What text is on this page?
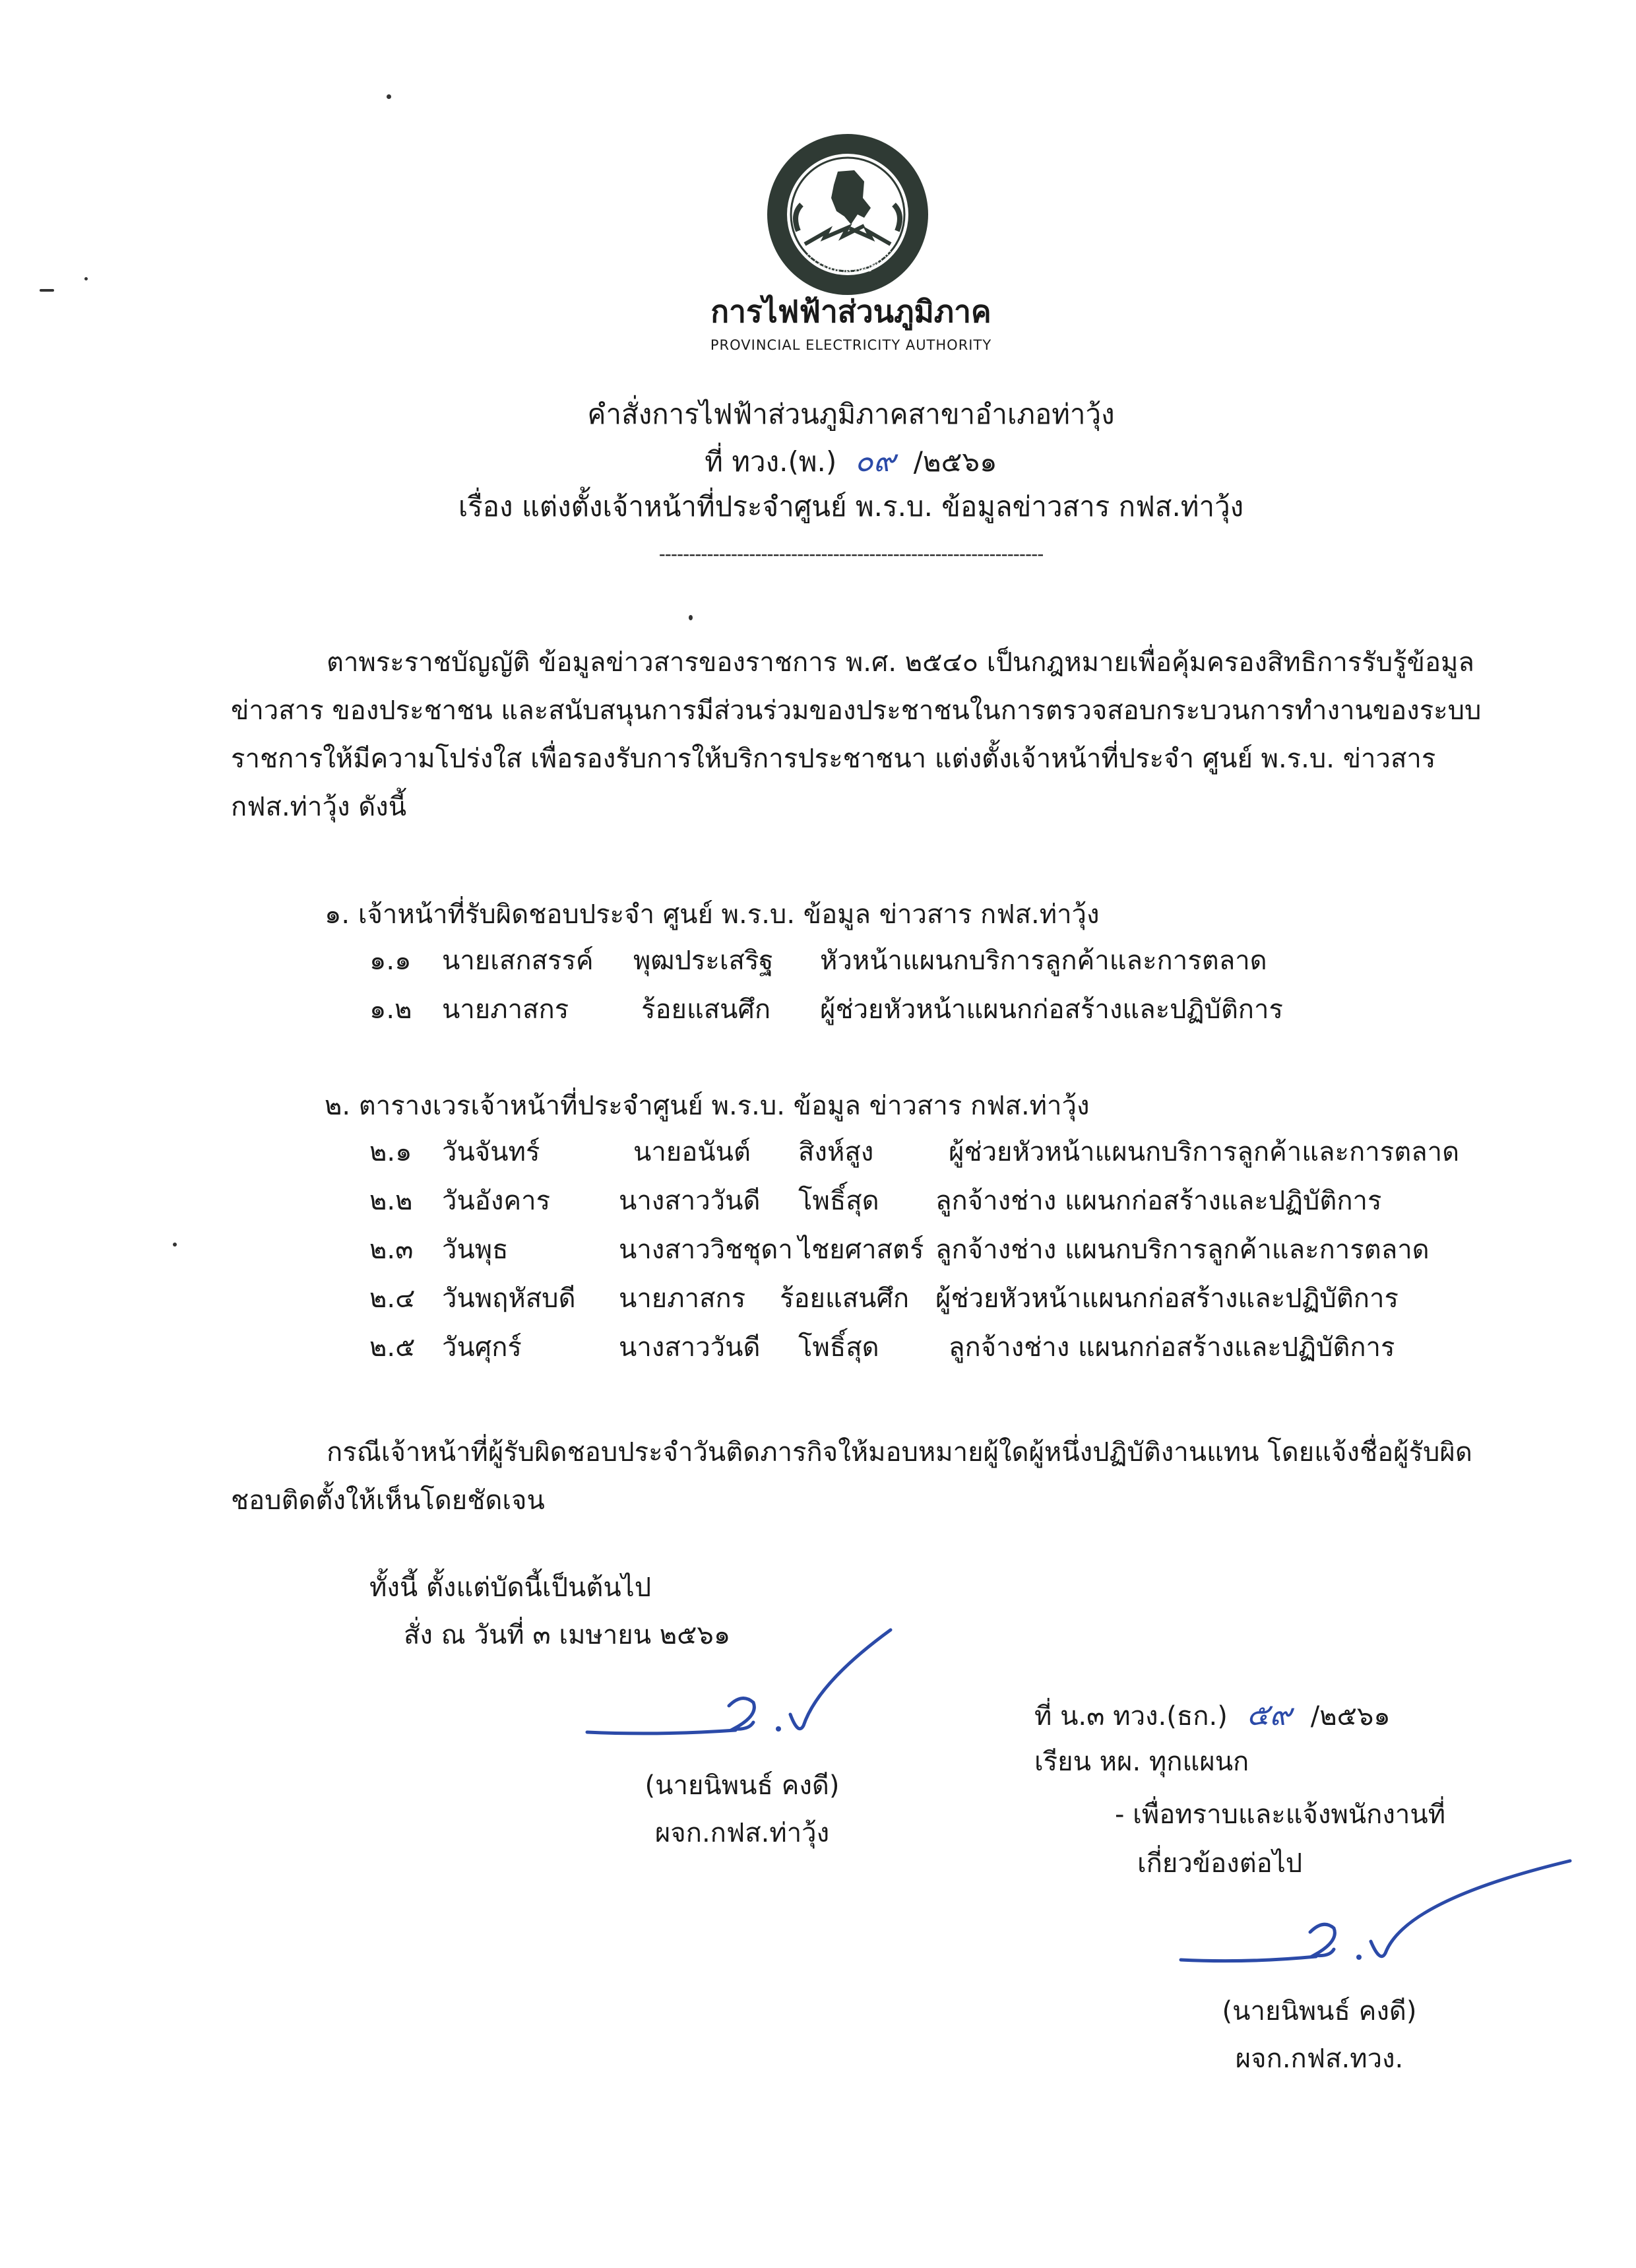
การไฟฟ้าส่วนภูมิภาค
การไฟฟ้าส่วนภูมิภาค
PROVINCIAL ELECTRICITY AUTHORITY
คำสั่งการไฟฟ้าส่วนภูมิภาคสาขาอำเภอท่าวุ้ง
ที่ ทวง.(พ.) ๐๙ /๒๕๖๑
เรื่อง แต่งตั้งเจ้าหน้าที่ประจำศูนย์ พ.ร.บ. ข้อมูลข่าวสาร กฟส.ท่าวุ้ง
----------------------------------------------------------------
ตาพระราชบัญญัติ ข้อมูลข่าวสารของราชการ พ.ศ. ๒๕๔๐ เป็นกฎหมายเพื่อคุ้มครองสิทธิการรับรู้ข้อมูลข่าวสาร ของประชาชน และสนับสนุนการมีส่วนร่วมของประชาชนในการตรวจสอบกระบวนการทำงานของระบบราชการให้มีความโปร่งใส เพื่อรองรับการให้บริการประชาชนา แต่งตั้งเจ้าหน้าที่ประจำ ศูนย์ พ.ร.บ. ข่าวสาร กฟส.ท่าวุ้ง ดังนี้
๑. เจ้าหน้าที่รับผิดชอบประจำ ศูนย์ พ.ร.บ. ข้อมูล ข่าวสาร กฟส.ท่าวุ้ง
๑.๑ นายเสกสรรค์ พุฒประเสริฐ หัวหน้าแผนกบริการลูกค้าและการตลาด
๑.๒ นายภาสกร	ร้อยแสนศึก ผู้ช่วยหัวหน้าแผนกก่อสร้างและปฏิบัติการ
๒. ตารางเวรเจ้าหน้าที่ประจำศูนย์ พ.ร.บ. ข้อมูล ข่าวสาร กฟส.ท่าวุ้ง
๒.๑ วันจันทร์	นายอนันต์ สิงห์สูง	ผู้ช่วยหัวหน้าแผนกบริการลูกค้าและการตลาด
๒.๒ วันอังคาร	นางสาววันดี โพธิ์สุด ลูกจ้างช่าง แผนกก่อสร้างและปฏิบัติการ
๒.๓ วันพุธ	นางสาววิชชุดา ไชยศาสตร์ ลูกจ้างช่าง แผนกบริการลูกค้าและการตลาด
๒.๔ วันพฤหัสบดี นายภาสกร ร้อยแสนศึก ผู้ช่วยหัวหน้าแผนกก่อสร้างและปฏิบัติการ
๒.๕ วันศุกร์	นางสาววันดี โพธิ์สุด	ลูกจ้างช่าง แผนกก่อสร้างและปฏิบัติการ
กรณีเจ้าหน้าที่ผู้รับผิดชอบประจำวันติดภารกิจให้มอบหมายผู้ใดผู้หนึ่งปฏิบัติงานแทน โดยแจ้งชื่อผู้รับผิดชอบติดตั้งให้เห็นโดยชัดเจน
ทั้งนี้ ตั้งแต่บัดนี้เป็นต้นไป
สั่ง ณ วันที่ ๓ เมษายน ๒๕๖๑
(นายนิพนธ์ คงดี)
ผจก.กฟส.ท่าวุ้ง
ที่ น.๓ ทวง.(ธก.) ๕๙ /๒๕๖๑
เรียน หผ. ทุกแผนก
- เพื่อทราบและแจ้งพนักงานที่
เกี่ยวข้องต่อไป
(นายนิพนธ์ คงดี)
ผจก.กฟส.ทวง.
